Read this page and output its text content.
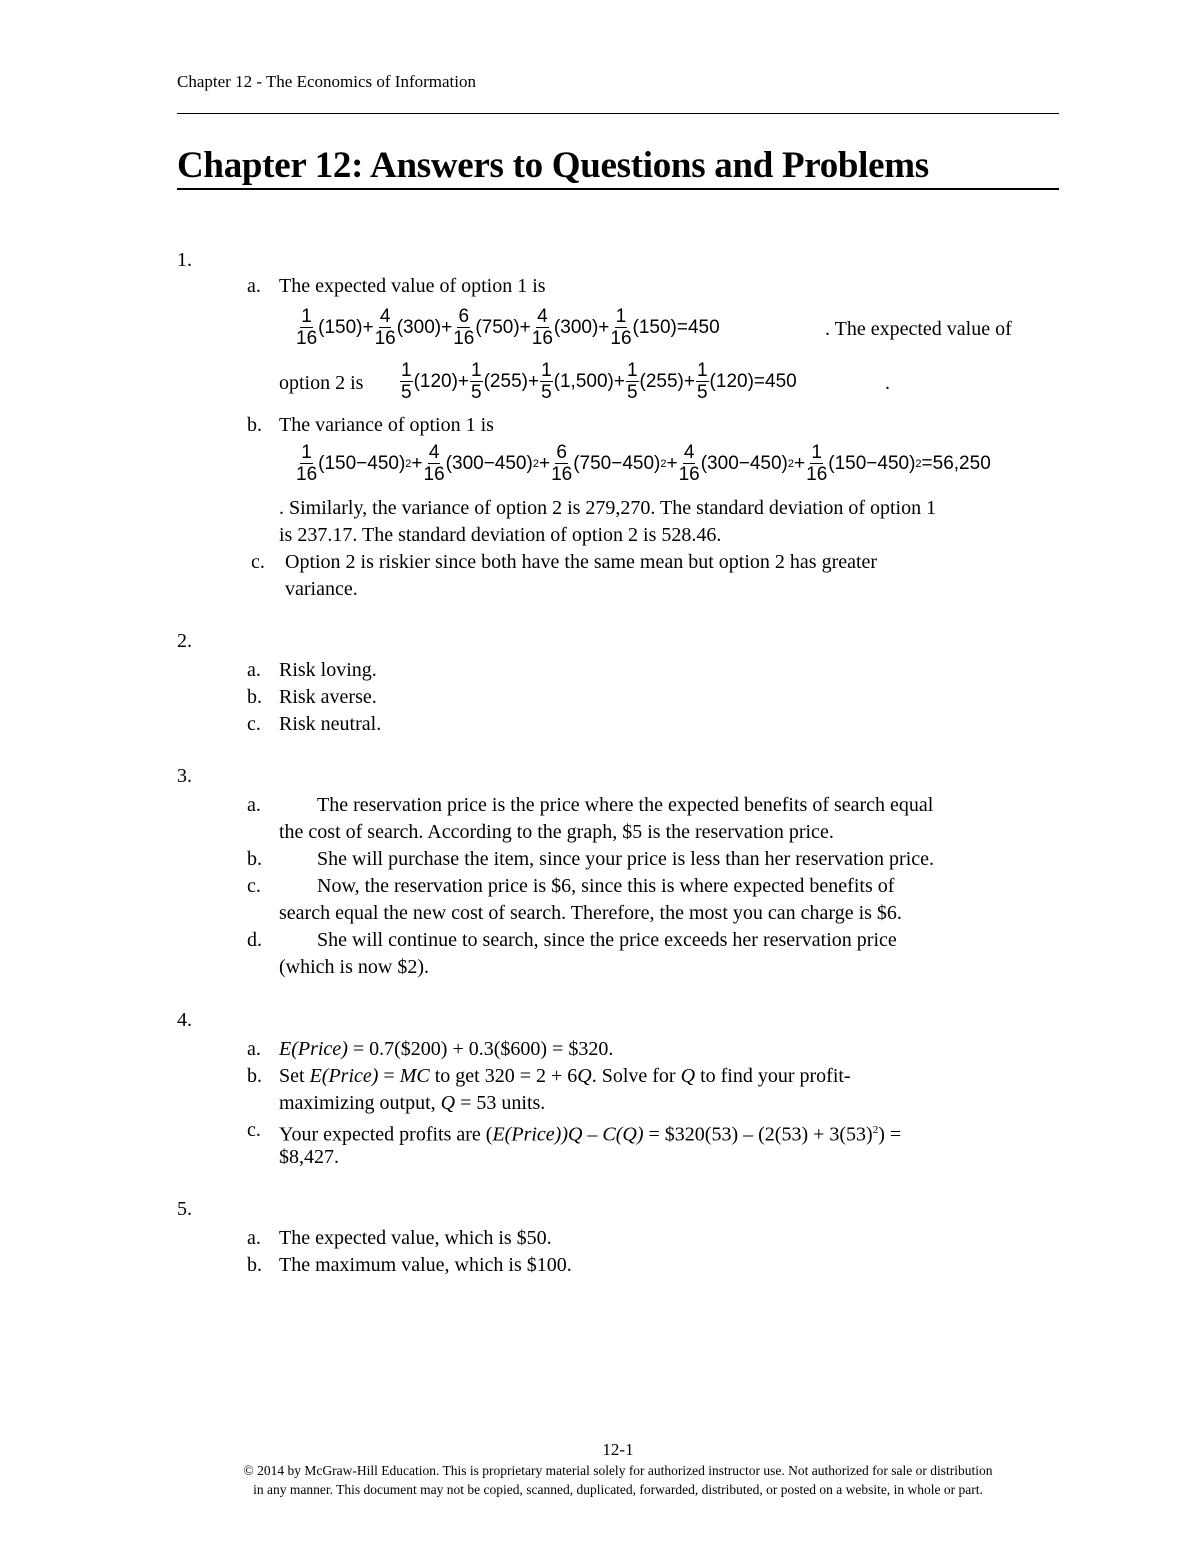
Chapter 12 - The Economics of Information
Chapter 12: Answers to Questions and Problems
1.
a. The expected value of option 1 is
$\frac{1}{16} (150)+ \frac{4}{16} (300)+ \frac{6}{16} (750)+ \frac{4}{16} (300)+ \frac{1}{16} (150)=450$	. The expected value of
option 2 is $\frac{1}{5} (120)+ \frac{1}{5} (255)+ \frac{1}{5} (1,500)+ \frac{1}{5} (255)+ \frac{1}{5} (120)=450$	.
b. The variance of option 1 is
$\frac{1}{16} (150-450) 2 + \frac{4}{16} (300-450) 2 + \frac{6}{16} (750-450) 2 + \frac{4}{16} (300-450) 2 + \frac{1}{16} (150-450)$ 2 =56,250
. Similarly, the variance of option 2 is 279,270. The standard deviation of option 1
is 237.17. The standard deviation of option 2 is 528.46.
c. Option 2 is riskier since both have the same mean but option 2 has greater
variance.
2.
a. Risk loving.
b. Risk averse.
c. Risk neutral.
3.
a.	The reservation price is the price where the expected benefits of search equal
the cost of search. According to the graph, $5 is the reservation price.
b.	She will purchase the item, since your price is less than her reservation price.
c.	Now, the reservation price is $6, since this is where expected benefits of
search equal the new cost of search. Therefore, the most you can charge is $6.
d.	She will continue to search, since the price exceeds her reservation price
(which is now $2).
4.
a. E(Price) = 0.7($200) + 0.3($600) = $320.
b. Set E(Price) = MC to get 320 = 2 + 6Q. Solve for Q to find your profit-
maximizing output, Q = 53 units.
c. Your expected profits are (E(Price))Q – C(Q) = $320(53) – $(2(53) + 3(53)^2)$ =
$8,427.
5.
a. The expected value, which is $50.
b. The maximum value, which is $100.
12-1
© 2014 by McGraw-Hill Education. This is proprietary material solely for authorized instructor use. Not authorized for sale or distribution
in any manner. This document may not be copied, scanned, duplicated, forwarded, distributed, or posted on a website, in whole or part.
